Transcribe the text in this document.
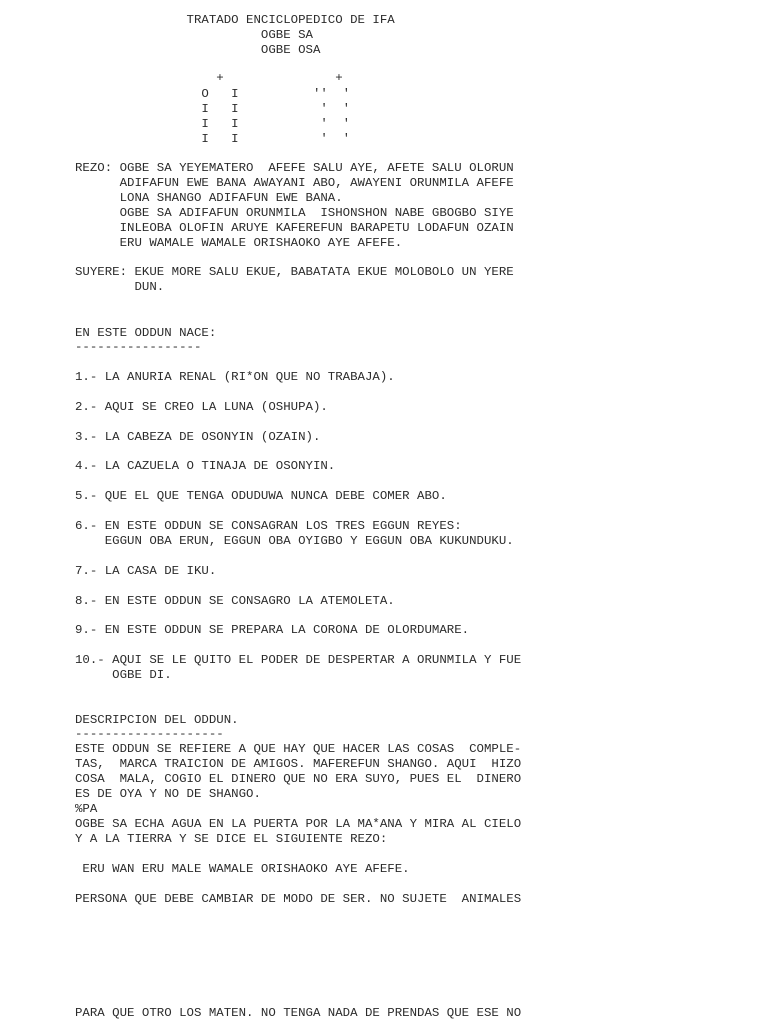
TRATADO ENCICLOPEDICO DE IFA
OGBE SA
OGBE OSA
+               +
O   I          ''  '
I   I           '  '
I   I           '  '
I   I           '  '
REZO: OGBE SA YEYEMATERO  AFEFE SALU AYE, AFETE SALU OLORUN
ADIFAFUN EWE BANA AWAYANI ABO, AWAYENI ORUNMILA AFEFE
LONA SHANGO ADIFAFUN EWE BANA.
OGBE SA ADIFAFUN ORUNMILA  ISHONSHON NABE GBOGBO SIYE
INLEOBA OLOFIN ARUYE KAFEREFUN BARAPETU LODAFUN OZAIN
ERU WAMALE WAMALE ORISHAOKO AYE AFEFE.
SUYERE: EKUE MORE SALU EKUE, BABATATA EKUE MOLOBOLO UN YERE
DUN.
EN ESTE ODDUN NACE:
-----------------
1.- LA ANURIA RENAL (RI*ON QUE NO TRABAJA).
2.- AQUI SE CREO LA LUNA (OSHUPA).
3.- LA CABEZA DE OSONYIN (OZAIN).
4.- LA CAZUELA O TINAJA DE OSONYIN.
5.- QUE EL QUE TENGA ODUDUWA NUNCA DEBE COMER ABO.
6.- EN ESTE ODDUN SE CONSAGRAN LOS TRES EGGUN REYES:
EGGUN OBA ERUN, EGGUN OBA OYIGBO Y EGGUN OBA KUKUNDUKU.
7.- LA CASA DE IKU.
8.- EN ESTE ODDUN SE CONSAGRO LA ATEMOLETA.
9.- EN ESTE ODDUN SE PREPARA LA CORONA DE OLORDUMARE.
10.- AQUI SE LE QUITO EL PODER DE DESPERTAR A ORUNMILA Y FUE
OGBE DI.
DESCRIPCION DEL ODDUN.
--------------------
ESTE ODDUN SE REFIERE A QUE HAY QUE HACER LAS COSAS  COMPLE-
TAS,  MARCA TRAICION DE AMIGOS. MAFEREFUN SHANGO. AQUI  HIZO
COSA  MALA, COGIO EL DINERO QUE NO ERA SUYO, PUES EL  DINERO
ES DE OYA Y NO DE SHANGO.
%PA
OGBE SA ECHA AGUA EN LA PUERTA POR LA MA*ANA Y MIRA AL CIELO
Y A LA TIERRA Y SE DICE EL SIGUIENTE REZO:
ERU WAN ERU MALE WAMALE ORISHAOKO AYE AFEFE.
PERSONA QUE DEBE CAMBIAR DE MODO DE SER. NO SUJETE  ANIMALES
PARA QUE OTRO LOS MATEN. NO TENGA NADA DE PRENDAS QUE ESE NO
